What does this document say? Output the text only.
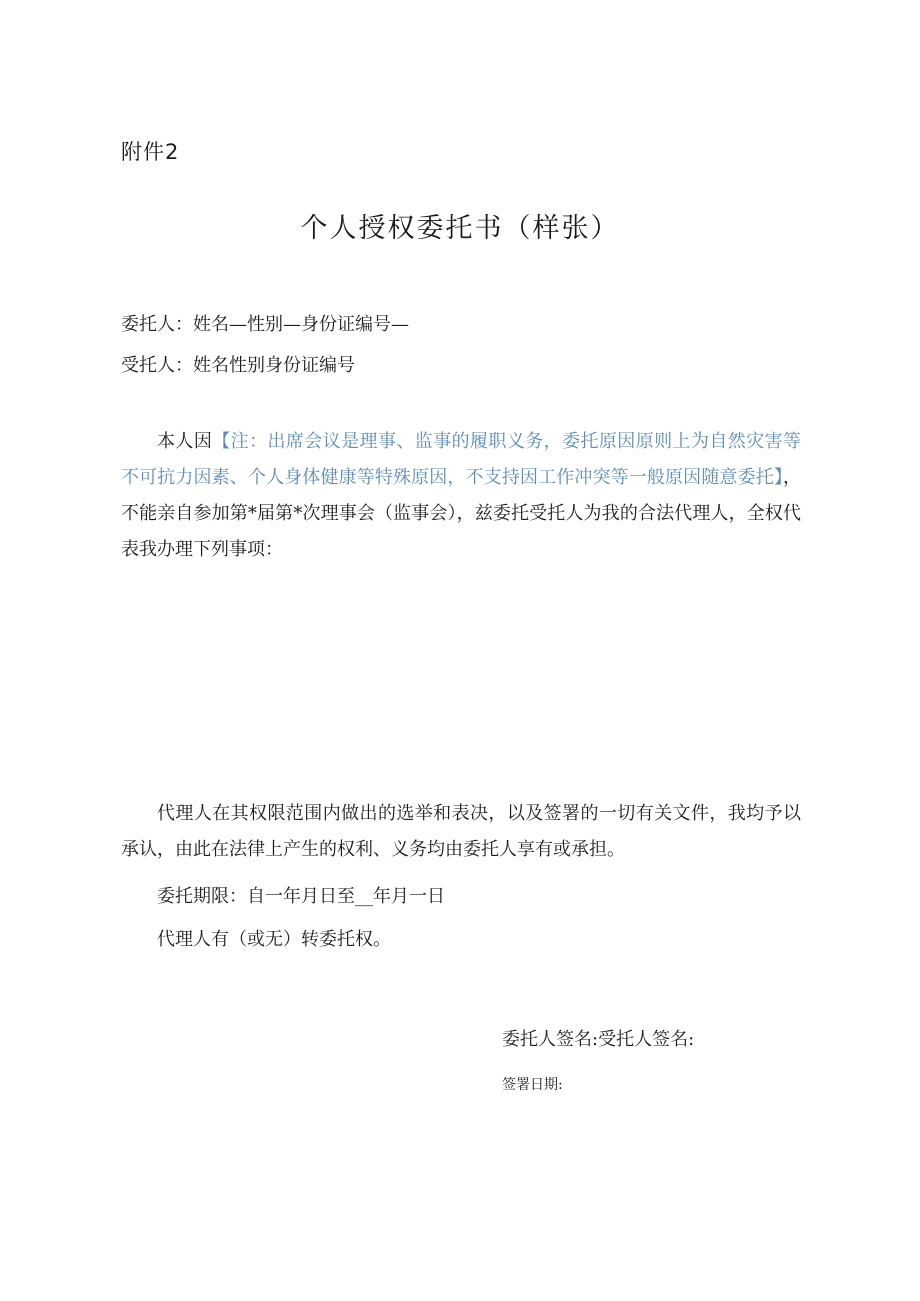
附件2
个人授权委托书（样张）
委托人：姓名—性别—身份证编号—
受托人：姓名性别身份证编号
本人因【注：出席会议是理事、监事的履职义务，委托原因原则上为自然灾害等不可抗力因素、个人身体健康等特殊原因，不支持因工作冲突等一般原因随意委托】，不能亲自参加第*届第*次理事会（监事会），兹委托受托人为我的合法代理人，全权代表我办理下列事项：
代理人在其权限范围内做出的选举和表决，以及签署的一切有关文件，我均予以承认，由此在法律上产生的权利、义务均由委托人享有或承担。
委托期限：自一年月日至__年月一日
代理人有（或无）转委托权。
委托人签名:受托人签名:
签署日期:
